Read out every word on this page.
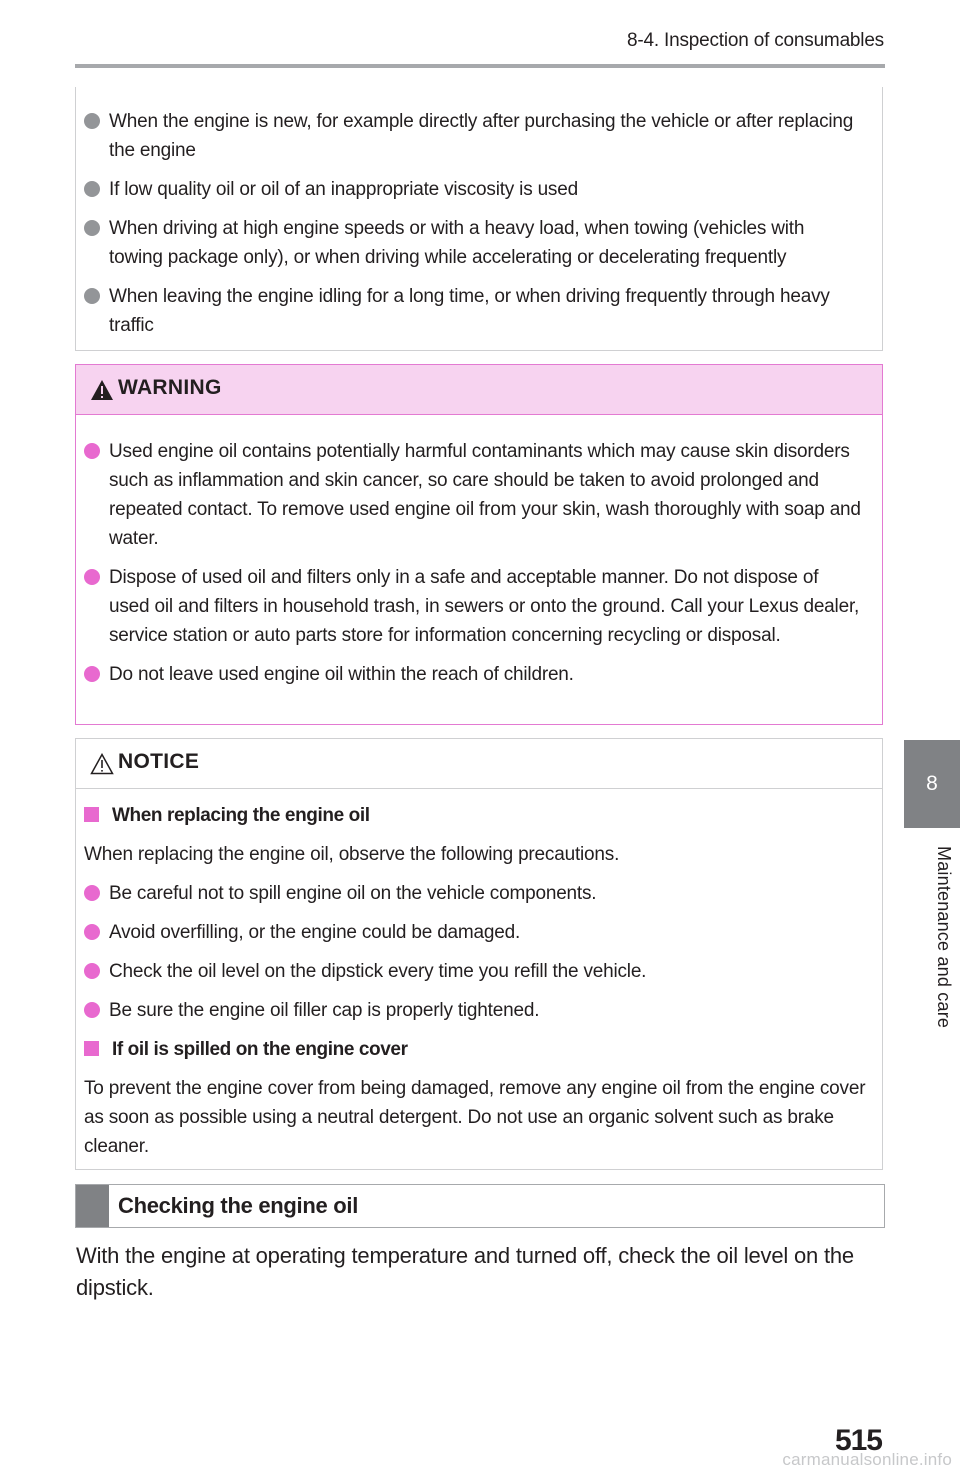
8-4. Inspection of consumables
When the engine is new, for example directly after purchasing the vehicle or after replacing the engine
If low quality oil or oil of an inappropriate viscosity is used
When driving at high engine speeds or with a heavy load, when towing (vehicles with towing package only), or when driving while accelerating or decelerating frequently
When leaving the engine idling for a long time, or when driving frequently through heavy traffic
WARNING
Used engine oil contains potentially harmful contaminants which may cause skin disorders such as inflammation and skin cancer, so care should be taken to avoid prolonged and repeated contact. To remove used engine oil from your skin, wash thoroughly with soap and water.
Dispose of used oil and filters only in a safe and acceptable manner. Do not dispose of used oil and filters in household trash, in sewers or onto the ground. Call your Lexus dealer, service station or auto parts store for information concerning recycling or disposal.
Do not leave used engine oil within the reach of children.
NOTICE
When replacing the engine oil
When replacing the engine oil, observe the following precautions.
Be careful not to spill engine oil on the vehicle components.
Avoid overfilling, or the engine could be damaged.
Check the oil level on the dipstick every time you refill the vehicle.
Be sure the engine oil filler cap is properly tightened.
If oil is spilled on the engine cover
To prevent the engine cover from being damaged, remove any engine oil from the engine cover as soon as possible using a neutral detergent. Do not use an organic solvent such as brake cleaner.
Checking the engine oil
With the engine at operating temperature and turned off, check the oil level on the dipstick.
8
Maintenance and care
515
carmanualsonline.info
